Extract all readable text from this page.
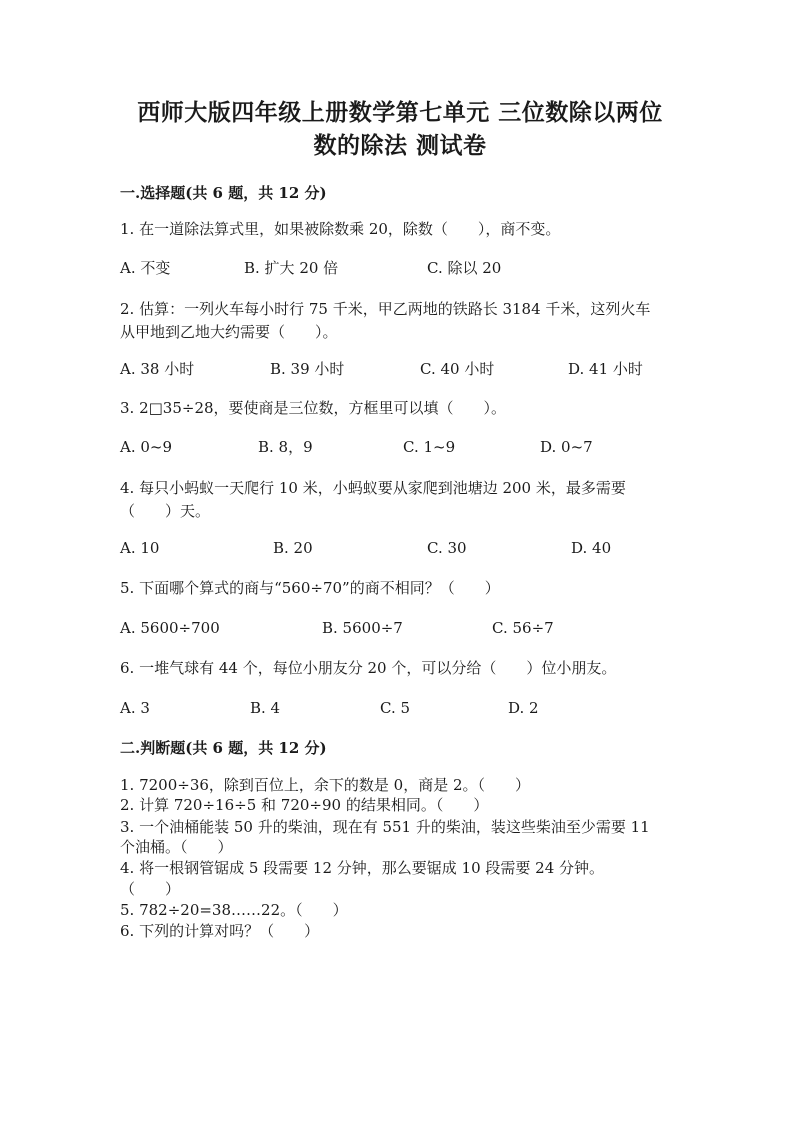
西师大版四年级上册数学第七单元 三位数除以两位
数的除法 测试卷
一.选择题(共 6 题，共 12 分)
1. 在一道除法算式里，如果被除数乘 20，除数（　　），商不变。
A. 不变	B. 扩大 20 倍	C. 除以 20
2. 估算：一列火车每小时行 75 千米，甲乙两地的铁路长 3184 千米，这列火车
从甲地到乙地大约需要（　　）。
A. 38 小时	B. 39 小时	C. 40 小时	D. 41 小时
3. 2□35÷28，要使商是三位数，方框里可以填（　　）。
A. 0~9	B. 8，9	C. 1~9	D. 0~7
4. 每只小蚂蚁一天爬行 10 米，小蚂蚁要从家爬到池塘边 200 米，最多需要
（　　）天。
A. 10	B. 20	C. 30	D. 40
5. 下面哪个算式的商与“560÷70”的商不相同？（　　）
A. 5600÷700	B. 5600÷7	C. 56÷7
6. 一堆气球有 44 个，每位小朋友分 20 个，可以分给（　　）位小朋友。
A. 3	B. 4	C. 5	D. 2
二.判断题(共 6 题，共 12 分)
1. 7200÷36，除到百位上，余下的数是 0，商是 2。（　　）
2. 计算 720÷16÷5 和 720÷90 的结果相同。（　　）
3. 一个油桶能装 50 升的柴油，现在有 551 升的柴油，装这些柴油至少需要 11
个油桶。（　　）
4. 将一根钢管锯成 5 段需要 12 分钟，那么要锯成 10 段需要 24 分钟。
（　　）
5. 782÷20=38……22。（　　）
6. 下列的计算对吗？（　　）
